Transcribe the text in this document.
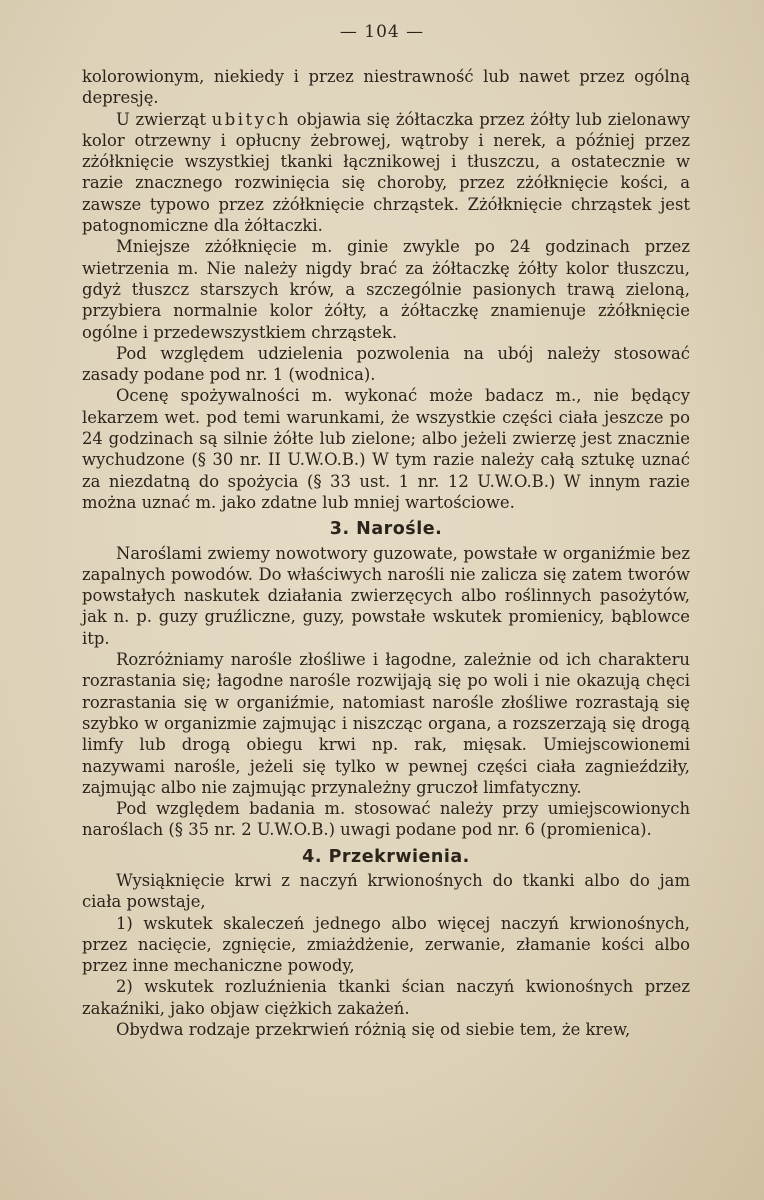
— 104 —

kolorowionym, niekiedy i przez niestrawność lub nawet przez ogólną depresję.

U zwierząt ubitych objawia się żółtaczka przez żółty lub zielonawy kolor otrzewny i opłucny żebrowej, wątroby i nerek, a później przez zżółknięcie wszystkiej tkanki łącznikowej i tłuszczu, a ostatecznie w razie znacznego rozwinięcia się choroby, przez zżółknięcie kości, a zawsze typowo przez zżółknięcie chrząstek. Zżółknięcie chrząstek jest patognomiczne dla żółtaczki.

Mniejsze zżółknięcie m. ginie zwykle po 24 godzinach przez wietrzenia m. Nie należy nigdy brać za żółtaczkę żółty kolor tłuszczu, gdyż tłuszcz starszych krów, a szczególnie pasionych trawą zieloną, przybiera normalnie kolor żółty, a żółtaczkę znamienuje zżółknięcie ogólne i przedewszystkiem chrząstek.

Pod względem udzielenia pozwolenia na ubój należy stosować zasady podane pod nr. 1 (wodnica).

Ocenę spożywalności m. wykonać może badacz m., nie będący lekarzem wet. pod temi warunkami, że wszystkie części ciała jeszcze po 24 godzinach są silnie żółte lub zielone; albo jeżeli zwierzę jest znacznie wychudzone (§ 30 nr. II U.W.O.B.) W tym razie należy całą sztukę uznać za niezdatną do spożycia (§ 33 ust. 1 nr. 12 U.W.O.B.) W innym razie można uznać m. jako zdatne lub mniej wartościowe.

3. Narośle.

Naroślami zwiemy nowotwory guzowate, powstałe w organiźmie bez zapalnych powodów. Do właściwych narośli nie zalicza się zatem tworów powstałych naskutek działania zwierzęcych albo roślinnych pasożytów, jak n. p. guzy gruźliczne, guzy, powstałe wskutek promienicy, bąblowce itp.

Rozróżniamy narośle złośliwe i łagodne, zależnie od ich charakteru rozrastania się; łagodne narośle rozwijają się po woli i nie okazują chęci rozrastania się w organiźmie, natomiast narośle złośliwe rozrastają się szybko w organizmie zajmując i niszcząc organa, a rozszerzają się drogą limfy lub drogą obiegu krwi np. rak, mięsak. Umiejscowionemi nazywami narośle, jeżeli się tylko w pewnej części ciała zagnieździły, zajmując albo nie zajmując przynależny gruczoł limfatyczny.

Pod względem badania m. stosować należy przy umiejscowionych naroślach (§ 35 nr. 2 U.W.O.B.) uwagi podane pod nr. 6 (promienica).

4. Przekrwienia.

Wysiąknięcie krwi z naczyń krwionośnych do tkanki albo do jam ciała powstaje,

1) wskutek skaleczeń jednego albo więcej naczyń krwionośnych, przez nacięcie, zgnięcie, zmiażdżenie, zerwanie, złamanie kości albo przez inne mechaniczne powody,

2) wskutek rozluźnienia tkanki ścian naczyń kwionośnych przez zakaźniki, jako objaw ciężkich zakażeń.

Obydwa rodzaje przekrwień różnią się od siebie tem, że krew,
